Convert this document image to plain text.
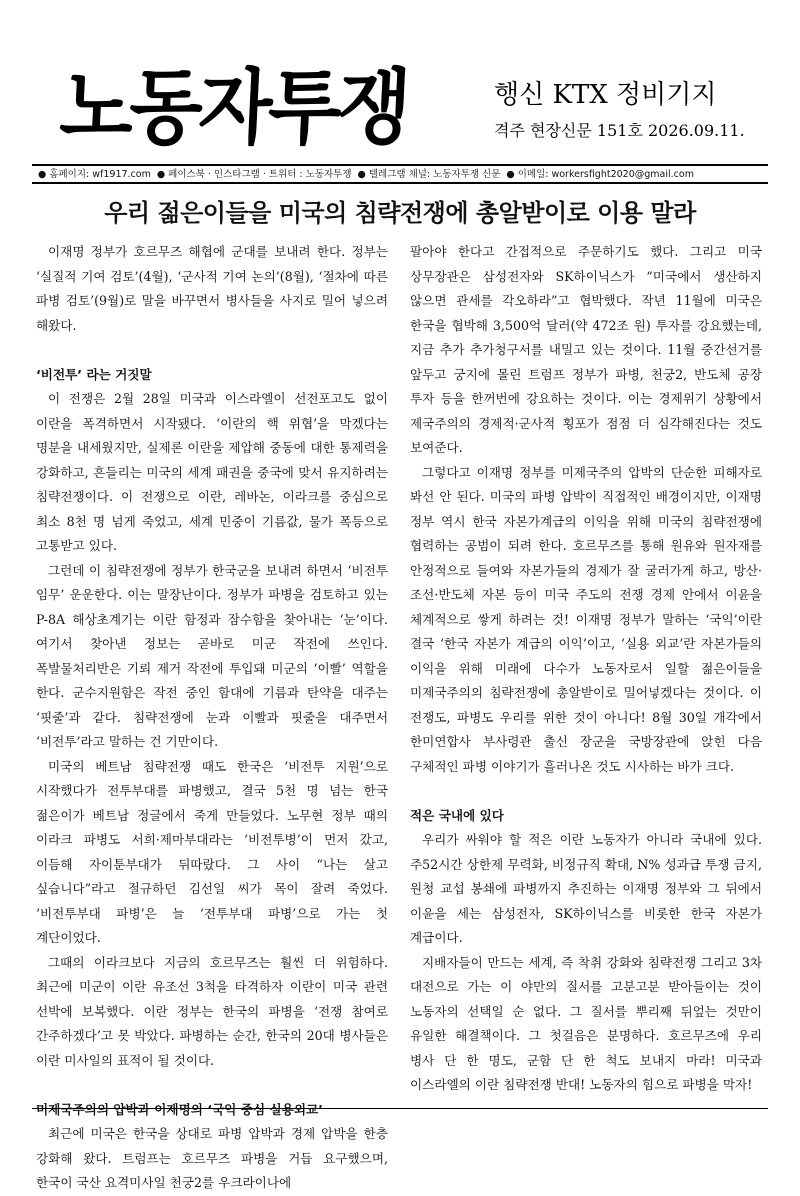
노동자투쟁	행신 KTX 정비기지
격주 현장신문 151호 2026.09.11.
● 홈페이지: wf1917.com ● 페이스북 · 인스타그램 · 트위터 : 노동자투쟁 ● 텔레그램 채널: 노동자투쟁 신문 ● 이메일: workersfight2020@gmail.com
우리 젊은이들을 미국의 침략전쟁에 총알받이로 이용 말라

이재명 정부가 호르무즈 해협에 군대를 보내려 한다. 정부는 ‘실질적 기여 검토’(4월), ‘군사적 기여 논의’(8월), ‘절차에 따른 파병 검토’(9월)로 말을 바꾸면서 병사들을 사지로 밀어 넣으려 해왔다.

‘비전투’ 라는 거짓말

이 전쟁은 2월 28일 미국과 이스라엘이 선전포고도 없이 이란을 폭격하면서 시작됐다. ‘이란의 핵 위협’을 막겠다는 명분을 내세웠지만, 실제론 이란을 제압해 중동에 대한 통제력을 강화하고, 흔들리는 미국의 세계 패권을 중국에 맞서 유지하려는 침략전쟁이다. 이 전쟁으로 이란, 레바논, 이라크를 중심으로 최소 8천 명 넘게 죽었고, 세계 민중이 기름값, 물가 폭등으로 고통받고 있다.

그런데 이 침략전쟁에 정부가 한국군을 보내려 하면서 ‘비전투 임무’ 운운한다. 이는 말장난이다. 정부가 파병을 검토하고 있는 P-8A 해상초계기는 이란 함정과 잠수함을 찾아내는 ‘눈’이다. 여기서 찾아낸 정보는 곧바로 미군 작전에 쓰인다. 폭발물처리반은 기뢰 제거 작전에 투입돼 미군의 ‘이빨’ 역할을 한다. 군수지원함은 작전 중인 함대에 기름과 탄약을 대주는 ‘핏줄’과 같다. 침략전쟁에 눈과 이빨과 핏줄을 대주면서 ‘비전투’라고 말하는 건 기만이다.

미국의 베트남 침략전쟁 때도 한국은 ‘비전투 지원’으로 시작했다가 전투부대를 파병했고, 결국 5천 명 넘는 한국 젊은이가 베트남 정글에서 죽게 만들었다. 노무현 정부 때의 이라크 파병도 서희·제마부대라는 ‘비전투병’이 먼저 갔고, 이듬해 자이툰부대가 뒤따랐다. 그 사이 “나는 살고 싶습니다”라고 절규하던 김선일 씨가 목이 잘려 죽었다. ‘비전투부대 파병’은 늘 ‘전투부대 파병’으로 가는 첫 계단이었다.

그때의 이라크보다 지금의 호르무즈는 훨씬 더 위험하다. 최근에 미군이 이란 유조선 3척을 타격하자 이란이 미국 관련 선박에 보복했다. 이란 정부는 한국의 파병을 ‘전쟁 참여로 간주하겠다’고 못 박았다. 파병하는 순간, 한국의 20대 병사들은 이란 미사일의 표적이 될 것이다.

미제국주의의 압박과 이재명의 ‘국익 중심 실용외교’

최근에 미국은 한국을 상대로 파병 압박과 경제 압박을 한층 강화해 왔다. 트럼프는 호르무즈 파병을 거듭 요구했으며, 한국이 국산 요격미사일 천궁2를 우크라이나에

팔아야 한다고 간접적으로 주문하기도 했다. 그리고 미국 상무장관은 삼성전자와 SK하이닉스가 “미국에서 생산하지 않으면 관세를 각오하라”고 협박했다. 작년 11월에 미국은 한국을 협박해 3,500억 달러(약 472조 원) 투자를 강요했는데, 지금 추가 추가청구서를 내밀고 있는 것이다. 11월 중간선거를 앞두고 궁지에 몰린 트럼프 정부가 파병, 천궁2, 반도체 공장 투자 등을 한꺼번에 강요하는 것이다. 이는 경제위기 상황에서 제국주의의 경제적·군사적 횡포가 점점 더 심각해진다는 것도 보여준다.

그렇다고 이재명 정부를 미제국주의 압박의 단순한 피해자로 봐선 안 된다. 미국의 파병 압박이 직접적인 배경이지만, 이재명 정부 역시 한국 자본가계급의 이익을 위해 미국의 침략전쟁에 협력하는 공범이 되려 한다. 호르무즈를 통해 원유와 원자재를 안정적으로 들여와 자본가들의 경제가 잘 굴러가게 하고, 방산·조선·반도체 자본 등이 미국 주도의 전쟁 경제 안에서 이윤을 체계적으로 쌓게 하려는 것! 이재명 정부가 말하는 ‘국익’이란 결국 ‘한국 자본가 계급의 이익’이고, ‘실용 외교’란 자본가들의 이익을 위해 미래에 다수가 노동자로서 일할 젊은이들을 미제국주의의 침략전쟁에 총알받이로 밀어넣겠다는 것이다. 이 전쟁도, 파병도 우리를 위한 것이 아니다! 8월 30일 개각에서 한미연합사 부사령관 출신 장군을 국방장관에 앉힌 다음 구체적인 파병 이야기가 흘러나온 것도 시사하는 바가 크다.

적은 국내에 있다

우리가 싸워야 할 적은 이란 노동자가 아니라 국내에 있다. 주52시간 상한제 무력화, 비정규직 확대, N% 성과급 투쟁 금지, 원청 교섭 봉쇄에 파병까지 추진하는 이재명 정부와 그 뒤에서 이윤을 세는 삼성전자, SK하이닉스를 비롯한 한국 자본가 계급이다.

지배자들이 만드는 세계, 즉 착취 강화와 침략전쟁 그리고 3차 대전으로 가는 이 야만의 질서를 고분고분 받아들이는 것이 노동자의 선택일 순 없다. 그 질서를 뿌리째 뒤엎는 것만이 유일한 해결책이다. 그 첫걸음은 분명하다. 호르무즈에 우리 병사 단 한 명도, 군함 단 한 척도 보내지 마라! 미국과 이스라엘의 이란 침략전쟁 반대! 노동자의 힘으로 파병을 막자!
